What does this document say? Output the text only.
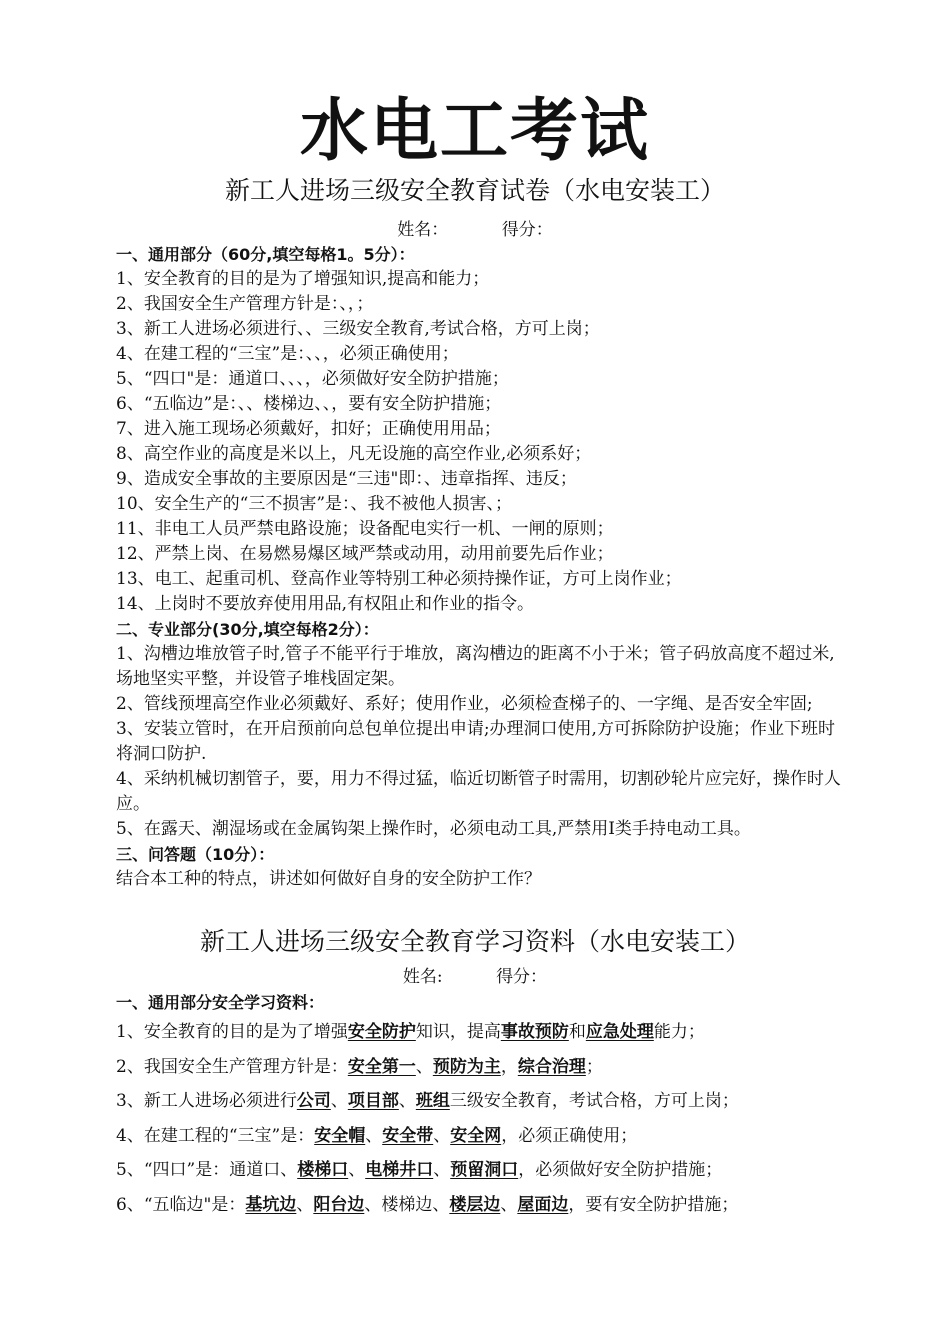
水电工考试
新工人进场三级安全教育试卷（水电安装工）
姓名：	得分：
一、通用部分（60分,填空每格1。5分）：
1、安全教育的目的是为了增强知识,提高和能力；
2、我国安全生产管理方针是：、，；
3、新工人进场必须进行、、三级安全教育,考试合格，方可上岗；
4、在建工程的“三宝”是：、、，必须正确使用；
5、“四口"是：通道口、、、，必须做好安全防护措施；
6、“五临边”是：、、楼梯边、、，要有安全防护措施；
7、进入施工现场必须戴好，扣好；正确使用用品；
8、高空作业的高度是米以上，凡无设施的高空作业,必须系好；
9、造成安全事故的主要原因是“三违"即：、违章指挥、违反；
10、安全生产的“三不损害”是：、我不被他人损害、；
11、非电工人员严禁电路设施；设备配电实行一机、一闸的原则；
12、严禁上岗、在易燃易爆区域严禁或动用，动用前要先后作业；
13、电工、起重司机、登高作业等特别工种必须持操作证，方可上岗作业；
14、上岗时不要放弃使用用品,有权阻止和作业的指令。
二、专业部分(30分,填空每格2分）：
1、沟槽边堆放管子时,管子不能平行于堆放，离沟槽边的距离不小于米；管子码放高度不超过米,场地坚实平整，并设管子堆栈固定架。
2、管线预埋高空作业必须戴好、系好；使用作业，必须检查梯子的、一字绳、是否安全牢固;
3、安装立管时，在开启预前向总包单位提出申请;办理洞口使用,方可拆除防护设施；作业下班时将洞口防护.
4、采纳机械切割管子，要，用力不得过猛，临近切断管子时需用，切割砂轮片应完好，操作时人应。
5、在露天、潮湿场或在金属钩架上操作时，必须电动工具,严禁用Ⅰ类手持电动工具。
三、问答题（10分）：
结合本工种的特点，讲述如何做好自身的安全防护工作？
新工人进场三级安全教育学习资料（水电安装工）
姓名:	得分：
一、通用部分安全学习资料：
1、安全教育的目的是为了增强安全防护知识，提高事故预防和应急处理能力；
2、我国安全生产管理方针是：安全第一、预防为主，综合治理；
3、新工人进场必须进行公司、项目部、班组三级安全教育，考试合格，方可上岗；
4、在建工程的“三宝”是：安全帽、安全带、安全网，必须正确使用；
5、“四口”是：通道口、楼梯口、电梯井口、预留洞口，必须做好安全防护措施；
6、“五临边"是：基坑边、阳台边、楼梯边、楼层边、屋面边，要有安全防护措施；
